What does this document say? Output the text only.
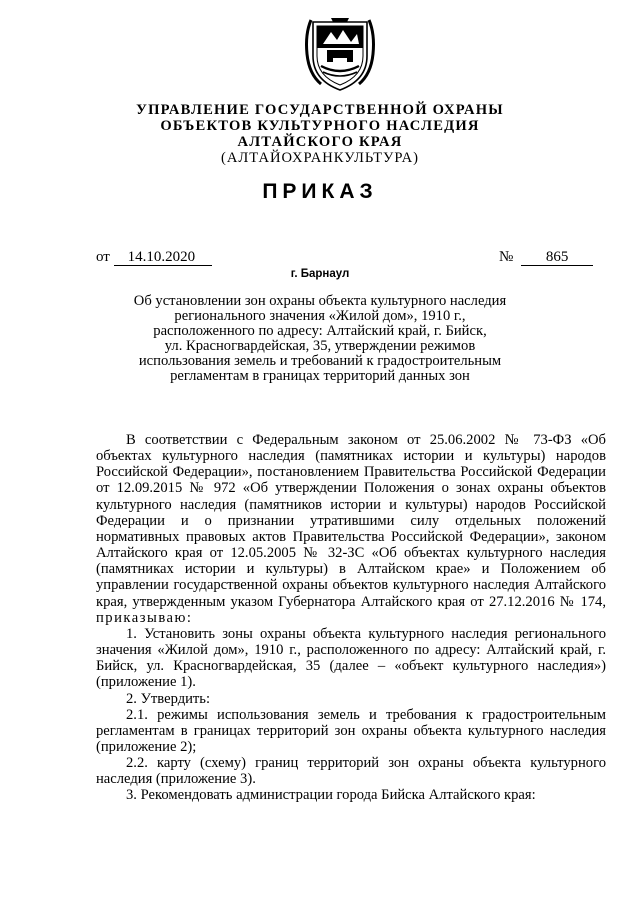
УПРАВЛЕНИЕ ГОСУДАРСТВЕННОЙ ОХРАНЫ
ОБЪЕКТОВ КУЛЬТУРНОГО НАСЛЕДИЯ
АЛТАЙСКОГО КРАЯ
(АЛТАЙОХРАНКУЛЬТУРА)
ПРИКАЗ
от 14.10.2020	№ 865
г. Барнаул
Об установлении зон охраны объекта культурного наследия
регионального значения «Жилой дом», 1910 г.,
расположенного по адресу: Алтайский край, г. Бийск,
ул. Красногвардейская, 35, утверждении режимов
использования земель и требований к градостроительным
регламентам в границах территорий данных зон

В соответствии с Федеральным законом от 25.06.2002 № 73-ФЗ «Об объектах культурного наследия (памятниках истории и культуры) народов Российской Федерации», постановлением Правительства Российской Федерации от 12.09.2015 № 972 «Об утверждении Положения о зонах охраны объектов культурного наследия (памятников истории и культуры) народов Российской Федерации и о признании утратившими силу отдельных положений нормативных правовых актов Правительства Российской Федерации», законом Алтайского края от 12.05.2005 № 32-ЗС «Об объектах культурного наследия (памятниках истории и культуры) в Алтайском крае» и Положением об управлении государственной охраны объектов культурного наследия Алтайского края, утвержденным указом Губернатора Алтайского края от 27.12.2016 № 174, приказываю:

1. Установить зоны охраны объекта культурного наследия регионального значения «Жилой дом», 1910 г., расположенного по адресу: Алтайский край, г. Бийск, ул. Красногвардейская, 35 (далее – «объект культурного наследия») (приложение 1).

2. Утвердить:

2.1. режимы использования земель и требования к градостроительным регламентам в границах территорий зон охраны объекта культурного наследия (приложение 2);

2.2. карту (схему) границ территорий зон охраны объекта культурного наследия (приложение 3).

3. Рекомендовать администрации города Бийска Алтайского края:
